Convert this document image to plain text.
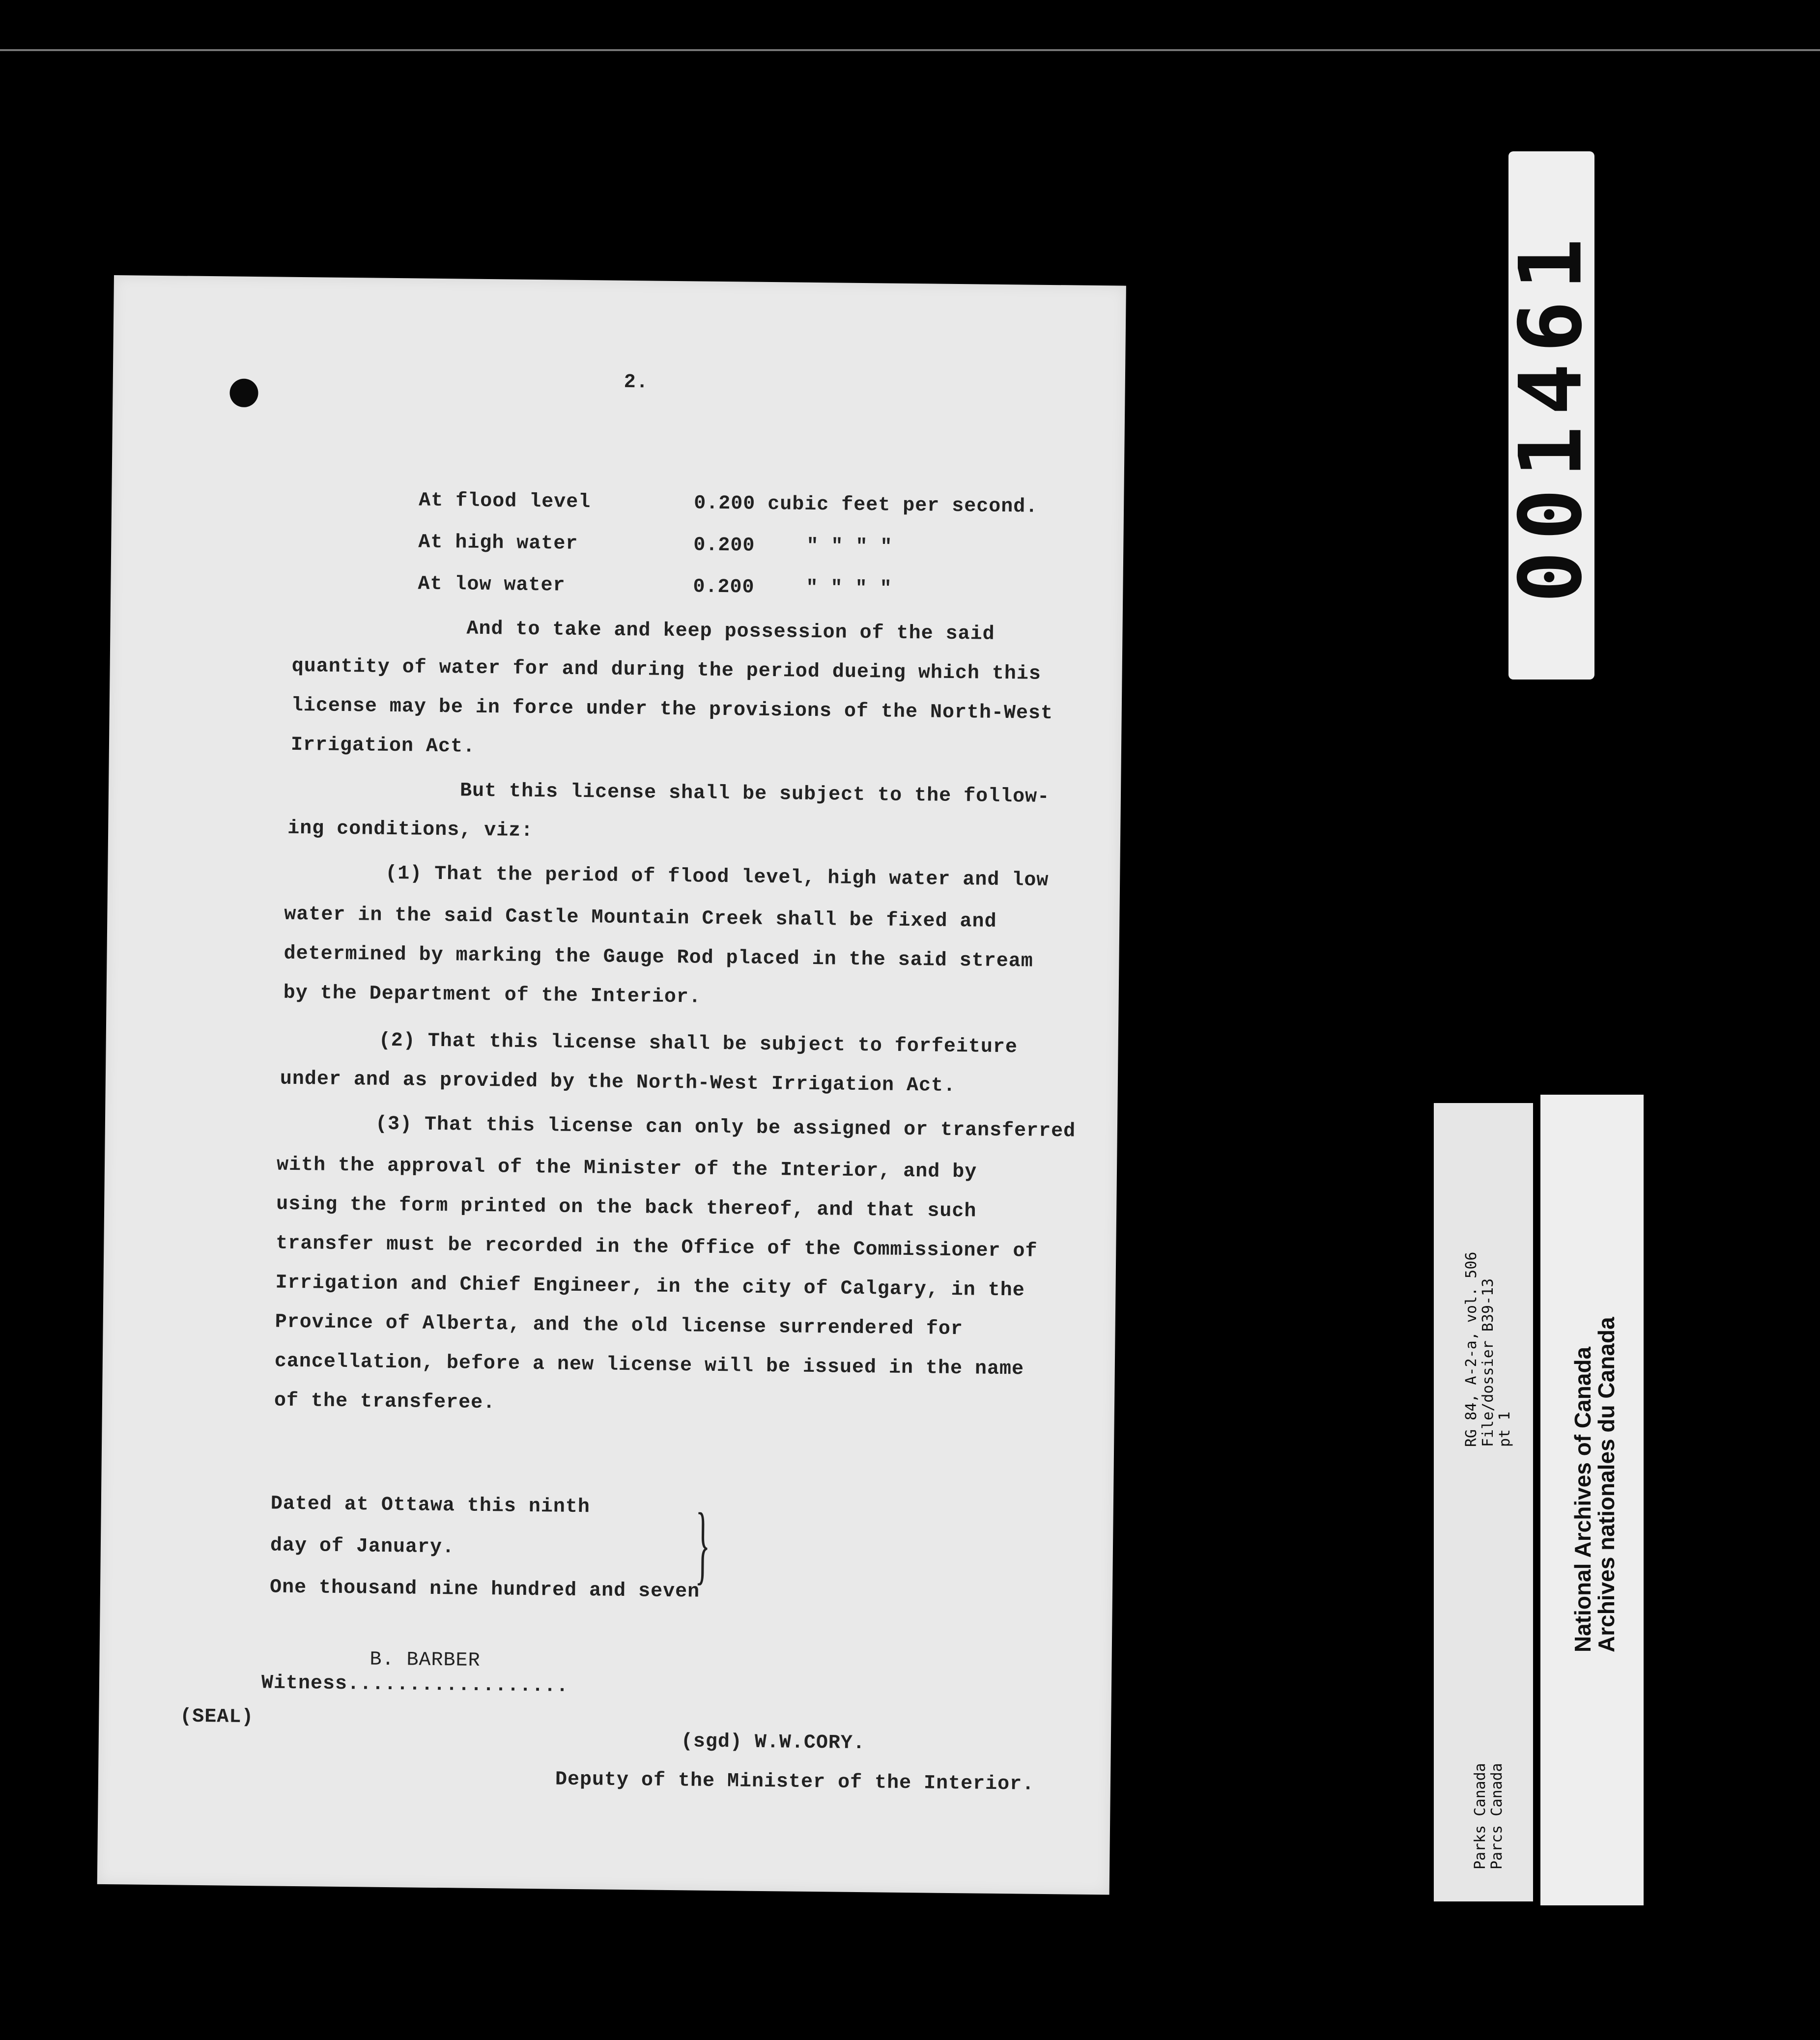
2.
At flood level	0.200 cubic feet per second.
At high water	0.200	" " " "
At low water	0.200	" " " "
And to take and keep possession of the said
quantity of water for and during the period dueing which this
license may be in force under the provisions of the North-West
Irrigation Act.
But this license shall be subject to the follow-
ing conditions, viz:
(1) That the period of flood level, high water and low
water in the said Castle Mountain Creek shall be fixed and
determined by marking the Gauge Rod placed in the said stream
by the Department of the Interior.
(2) That this license shall be subject to forfeiture
under and as provided by the North-West Irrigation Act.
(3) That this license can only be assigned or transferred
with the approval of the Minister of the Interior, and by
using the form printed on the back thereof, and that such
transfer must be recorded in the Office of the Commissioner of
Irrigation and Chief Engineer, in the city of Calgary, in the
Province of Alberta, and the old license surrendered for
cancellation, before a new license will be issued in the name
of the transferee.
Dated at Ottawa this ninth
day of January.
One thousand nine hundred and seven
}
B. BARBER
Witness..................
(SEAL)
(sgd) W.W.CORY.
Deputy of the Minister of the Interior.
001461
RG 84, A-2-a, vol. 506 File/dossier B39-13 pt 1
Parks Canada Parcs Canada
National Archives of Canada
Archives nationales du Canada
